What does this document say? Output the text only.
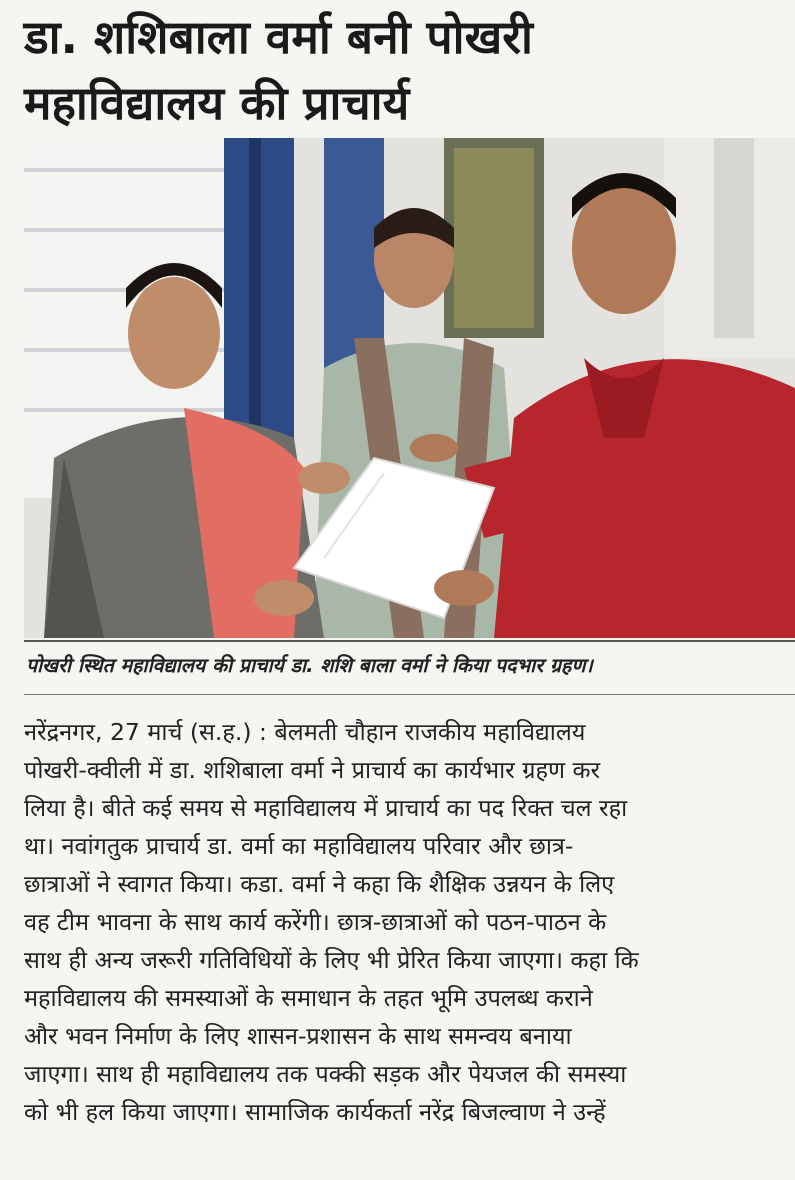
डा. शशिबाला वर्मा बनी पोखरी
महाविद्यालय की प्राचार्य
पोखरी स्थित महाविद्यालय की प्राचार्य डा. शशि बाला वर्मा ने किया पदभार ग्रहण।
नरेंद्रनगर, 27 मार्च (स.ह.) : बेलमती चौहान राजकीय महाविद्यालय
पोखरी-क्वीली में डा. शशिबाला वर्मा ने प्राचार्य का कार्यभार ग्रहण कर
लिया है। बीते कई समय से महाविद्यालय में प्राचार्य का पद रिक्त चल रहा
था। नवांगतुक प्राचार्य डा. वर्मा का महाविद्यालय परिवार और छात्र-
छात्राओं ने स्वागत किया। कडा. वर्मा ने कहा कि शैक्षिक उन्नयन के लिए
वह टीम भावना के साथ कार्य करेंगी। छात्र-छात्राओं को पठन-पाठन के
साथ ही अन्य जरूरी गतिविधियों के लिए भी प्रेरित किया जाएगा। कहा कि
महाविद्यालय की समस्याओं के समाधान के तहत भूमि उपलब्ध कराने
और भवन निर्माण के लिए शासन-प्रशासन के साथ समन्वय बनाया
जाएगा। साथ ही महाविद्यालय तक पक्की सड़क और पेयजल की समस्या
को भी हल किया जाएगा। सामाजिक कार्यकर्ता नरेंद्र बिजल्वाण ने उन्हें
